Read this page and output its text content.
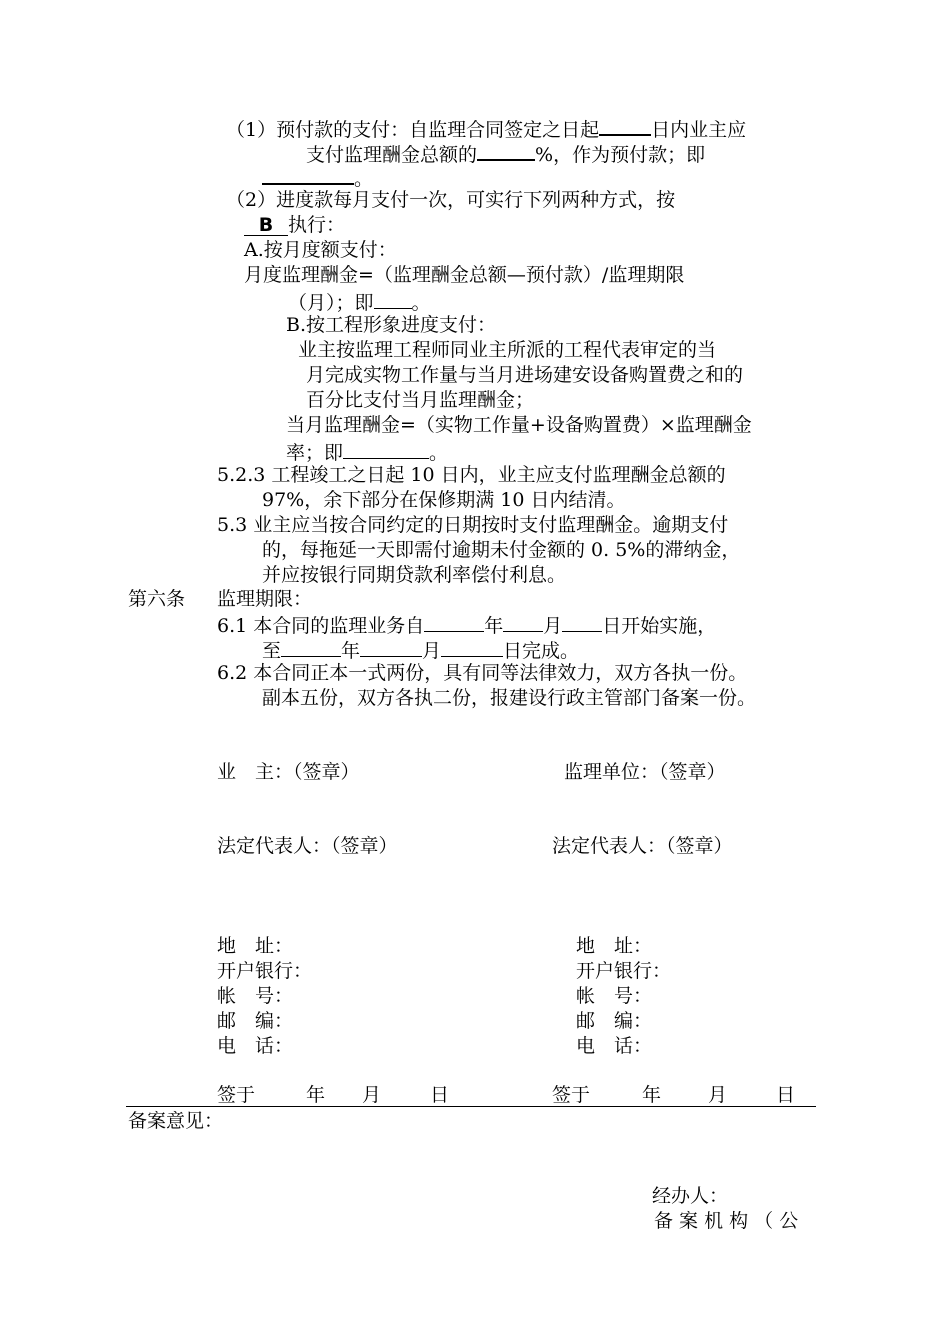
（1）预付款的支付：自监理合同签定之日起	日内业主应
支付监理酬金总额的	%，作为预付款；即
。
（2）进度款每月支付一次，可实行下列两种方式，按
B 执行：
A.按月度额支付：
月度监理酬金=（监理酬金总额—预付款）/监理期限
（月）；即 。
B.按工程形象进度支付：
业主按监理工程师同业主所派的工程代表审定的当
月完成实物工作量与当月进场建安设备购置费之和的
百分比支付当月监理酬金；
当月监理酬金=（实物工作量+设备购置费）×监理酬金
率；即	。
5.2.3 工程竣工之日起 10 日内，业主应支付监理酬金总额的
97%，余下部分在保修期满 10 日内结清。
5.3 业主应当按合同约定的日期按时支付监理酬金。逾期支付
的，每拖延一天即需付逾期未付金额的 0. 5%的滞纳金，
并应按银行同期贷款利率偿付利息。
第六条 监理期限：
6.1 本合同的监理业务自	年 月 日开始实施，
至	年	月	日完成。
6.2 本合同正本一式两份，具有同等法律效力，双方各执一份。
副本五份，双方各执二份，报建设行政主管部门备案一份。
业　主：（签章）	监理单位：（签章）
法定代表人：（签章）	法定代表人：（签章）
地　址：	地　址：
开户银行：	开户银行：
帐　号：	帐　号：
邮　编：	邮　编：
电　话：	电　话：
签于	年 月	日	签于	年 月	日
备案意见：
经办人：
备 案 机 构 （ 公
